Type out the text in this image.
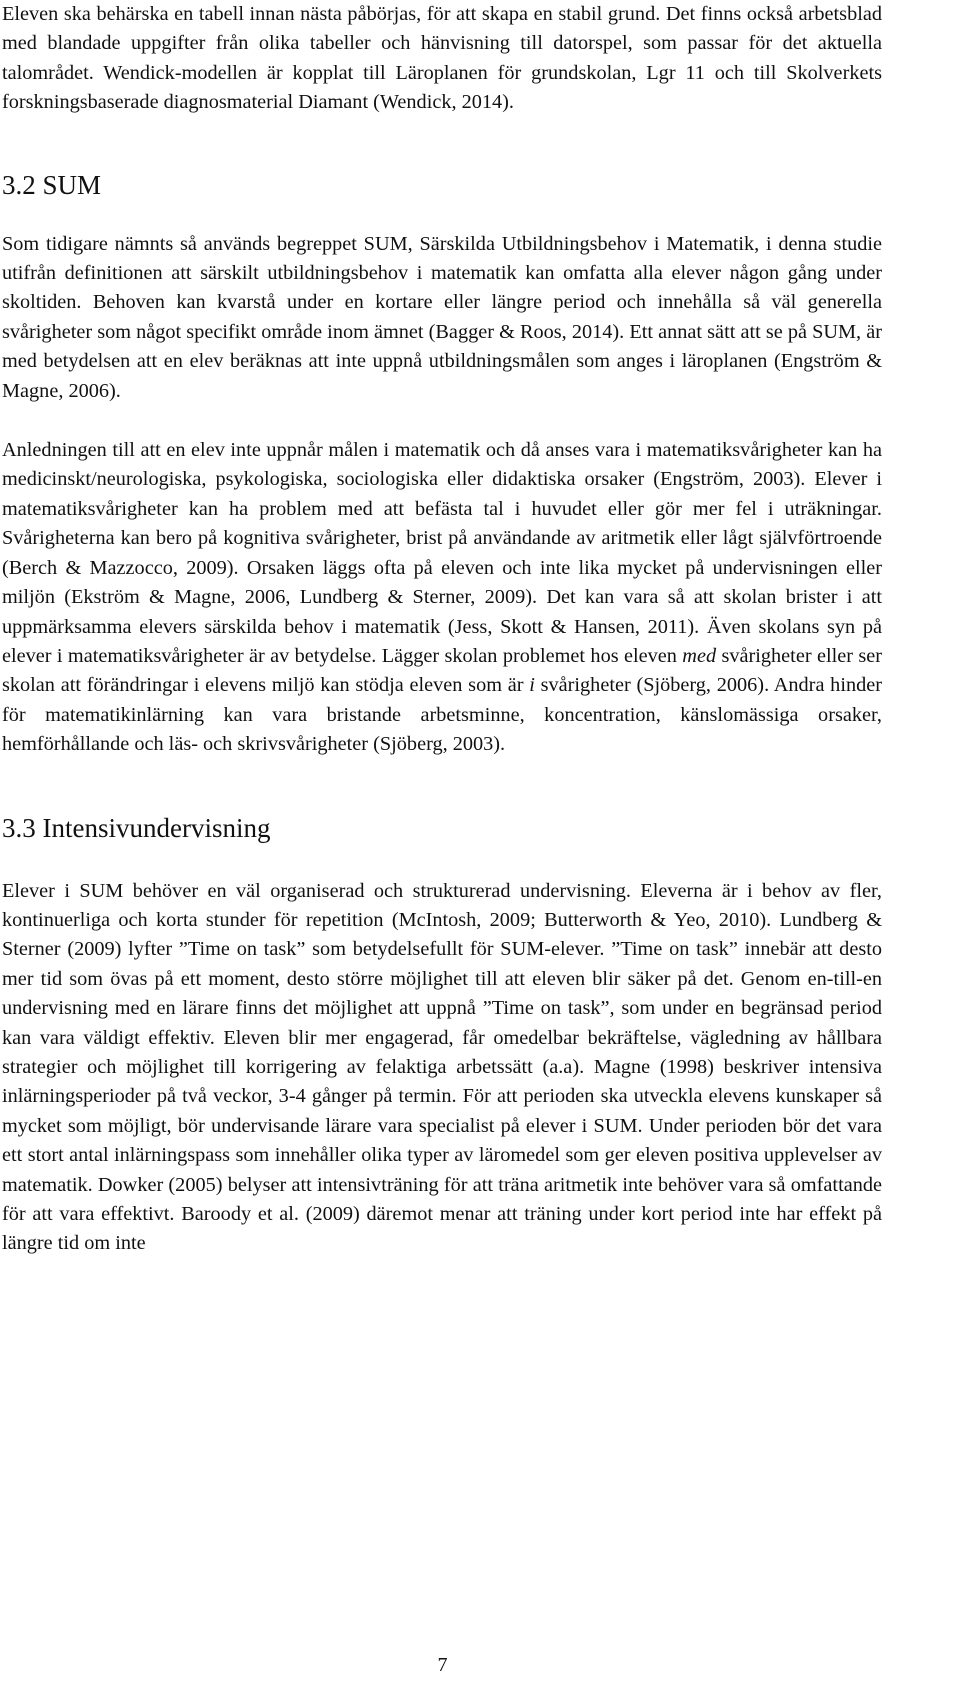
Eleven ska behärska en tabell innan nästa påbörjas, för att skapa en stabil grund. Det finns också arbetsblad med blandade uppgifter från olika tabeller och hänvisning till datorspel, som passar för det aktuella talområdet. Wendick-modellen är kopplat till Läroplanen för grundskolan, Lgr 11 och till Skolverkets forskningsbaserade diagnosmaterial Diamant (Wendick, 2014).

3.2 SUM

Som tidigare nämnts så används begreppet SUM, Särskilda Utbildningsbehov i Matematik, i denna studie utifrån definitionen att särskilt utbildningsbehov i matematik kan omfatta alla elever någon gång under skoltiden. Behoven kan kvarstå under en kortare eller längre period och innehålla så väl generella svårigheter som något specifikt område inom ämnet (Bagger & Roos, 2014). Ett annat sätt att se på SUM, är med betydelsen att en elev beräknas att inte uppnå utbildningsmålen som anges i läroplanen (Engström & Magne, 2006).

Anledningen till att en elev inte uppnår målen i matematik och då anses vara i matematiksvårigheter kan ha medicinskt/neurologiska, psykologiska, sociologiska eller didaktiska orsaker (Engström, 2003). Elever i matematiksvårigheter kan ha problem med att befästa tal i huvudet eller gör mer fel i uträkningar. Svårigheterna kan bero på kognitiva svårigheter, brist på användande av aritmetik eller lågt självförtroende (Berch & Mazzocco, 2009). Orsaken läggs ofta på eleven och inte lika mycket på undervisningen eller miljön (Ekström & Magne, 2006, Lundberg & Sterner, 2009). Det kan vara så att skolan brister i att uppmärksamma elevers särskilda behov i matematik (Jess, Skott & Hansen, 2011). Även skolans syn på elever i matematiksvårigheter är av betydelse. Lägger skolan problemet hos eleven med svårigheter eller ser skolan att förändringar i elevens miljö kan stödja eleven som är i svårigheter (Sjöberg, 2006). Andra hinder för matematikinlärning kan vara bristande arbetsminne, koncentration, känslomässiga orsaker, hemförhållande och läs- och skrivsvårigheter (Sjöberg, 2003).

3.3 Intensivundervisning

Elever i SUM behöver en väl organiserad och strukturerad undervisning. Eleverna är i behov av fler, kontinuerliga och korta stunder för repetition (McIntosh, 2009; Butterworth & Yeo, 2010). Lundberg & Sterner (2009) lyfter ”Time on task” som betydelsefullt för SUM-elever. ”Time on task” innebär att desto mer tid som övas på ett moment, desto större möjlighet till att eleven blir säker på det. Genom en-till-en undervisning med en lärare finns det möjlighet att uppnå ”Time on task”, som under en begränsad period kan vara väldigt effektiv. Eleven blir mer engagerad, får omedelbar bekräftelse, vägledning av hållbara strategier och möjlighet till korrigering av felaktiga arbetssätt (a.a). Magne (1998) beskriver intensiva inlärningsperioder på två veckor, 3-4 gånger på termin. För att perioden ska utveckla elevens kunskaper så mycket som möjligt, bör undervisande lärare vara specialist på elever i SUM. Under perioden bör det vara ett stort antal inlärningspass som innehåller olika typer av läromedel som ger eleven positiva upplevelser av matematik. Dowker (2005) belyser att intensivträning för att träna aritmetik inte behöver vara så omfattande för att vara effektivt. Baroody et al. (2009) däremot menar att träning under kort period inte har effekt på längre tid om inte

7
